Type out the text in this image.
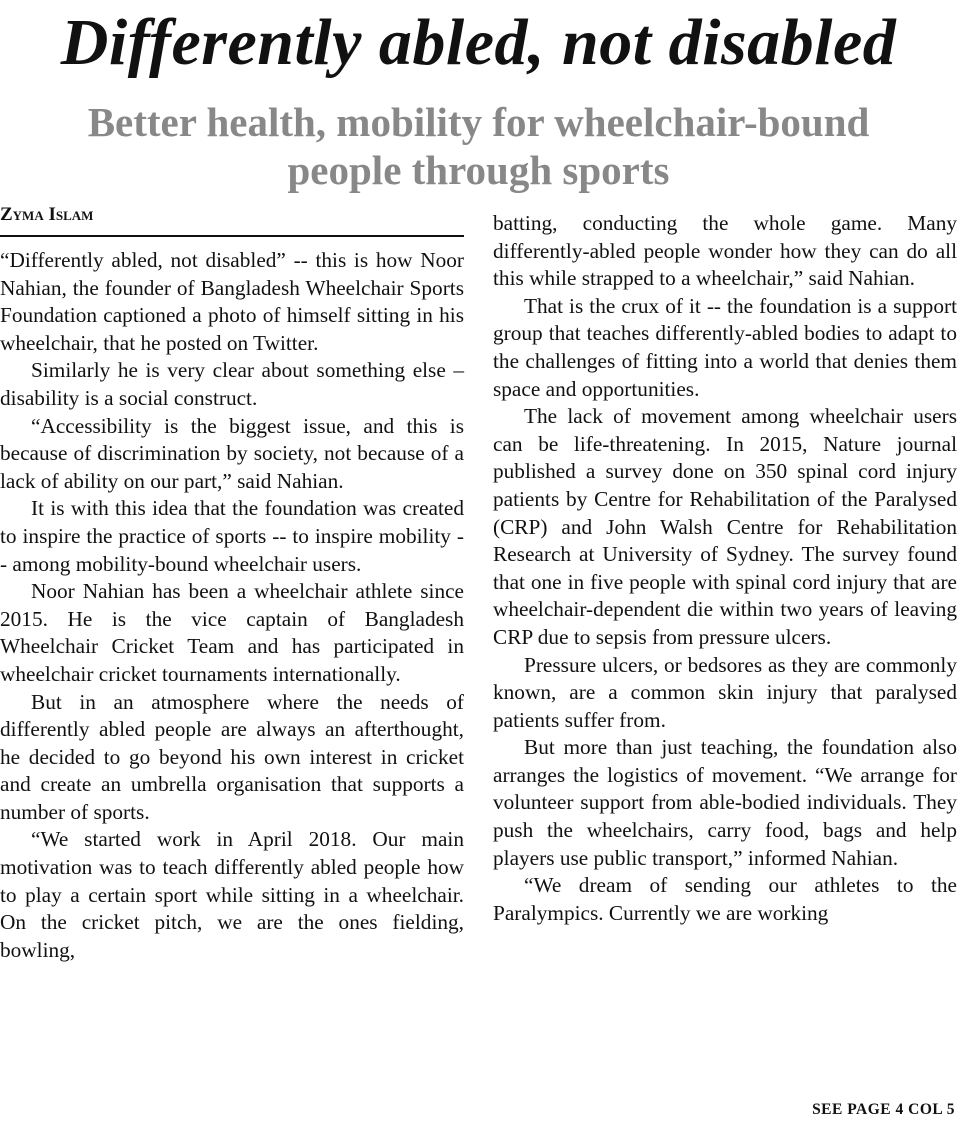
Differently abled, not disabled
Better health, mobility for wheelchair-bound people through sports
Zyma Islam

“Differently abled, not disabled” -- this is how Noor Nahian, the founder of Bangladesh Wheelchair Sports Foundation captioned a photo of himself sitting in his wheelchair, that he posted on Twitter.

Similarly he is very clear about something else – disability is a social construct.

“Accessibility is the biggest issue, and this is because of discrimination by society, not because of a lack of ability on our part,” said Nahian.

It is with this idea that the foundation was created to inspire the practice of sports -- to inspire mobility -- among mobility-bound wheelchair users.

Noor Nahian has been a wheelchair athlete since 2015. He is the vice captain of Bangladesh Wheelchair Cricket Team and has participated in wheelchair cricket tournaments internationally.

But in an atmosphere where the needs of differently abled people are always an afterthought, he decided to go beyond his own interest in cricket and create an umbrella organisation that supports a number of sports.

“We started work in April 2018. Our main motivation was to teach differently abled people how to play a certain sport while sitting in a wheelchair. On the cricket pitch, we are the ones fielding, bowling,

batting, conducting the whole game. Many differently-abled people wonder how they can do all this while strapped to a wheelchair,” said Nahian.

That is the crux of it -- the foundation is a support group that teaches differently-abled bodies to adapt to the challenges of fitting into a world that denies them space and opportunities.

The lack of movement among wheelchair users can be life-threatening. In 2015, Nature journal published a survey done on 350 spinal cord injury patients by Centre for Rehabilitation of the Paralysed (CRP) and John Walsh Centre for Rehabilitation Research at University of Sydney. The survey found that one in five people with spinal cord injury that are wheelchair-dependent die within two years of leaving CRP due to sepsis from pressure ulcers.

Pressure ulcers, or bedsores as they are commonly known, are a common skin injury that paralysed patients suffer from.

But more than just teaching, the foundation also arranges the logistics of movement. “We arrange for volunteer support from able-bodied individuals. They push the wheelchairs, carry food, bags and help players use public transport,” informed Nahian.

“We dream of sending our athletes to the Paralympics. Currently we are working

SEE PAGE 4 COL 5
